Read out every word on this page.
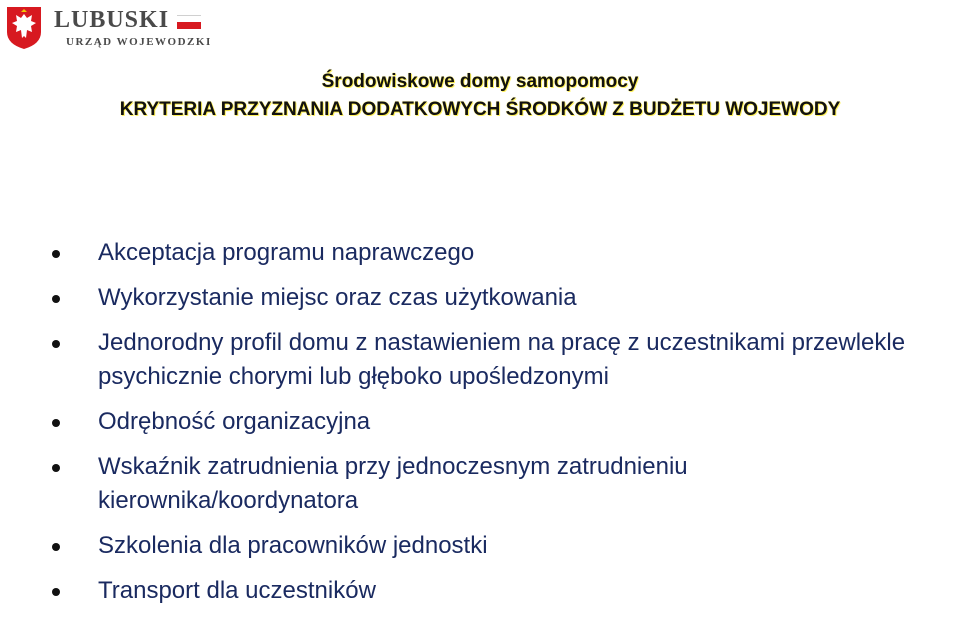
LUBUSKI
URZĄD WOJEWODZKI
Środowiskowe domy samopomocy
KRYTERIA PRZYZNANIA DODATKOWYCH ŚRODKÓW Z BUDŻETU WOJEWODY
Akceptacja programu naprawczego
Wykorzystanie miejsc oraz czas użytkowania
Jednorodny profil domu z nastawieniem na pracę z uczestnikami przewlekle psychicznie chorymi lub głęboko upośledzonymi
Odrębność organizacyjna
Wskaźnik zatrudnienia przy jednoczesnym zatrudnieniu kierownika/koordynatora
Szkolenia dla pracowników jednostki
Transport dla uczestników
